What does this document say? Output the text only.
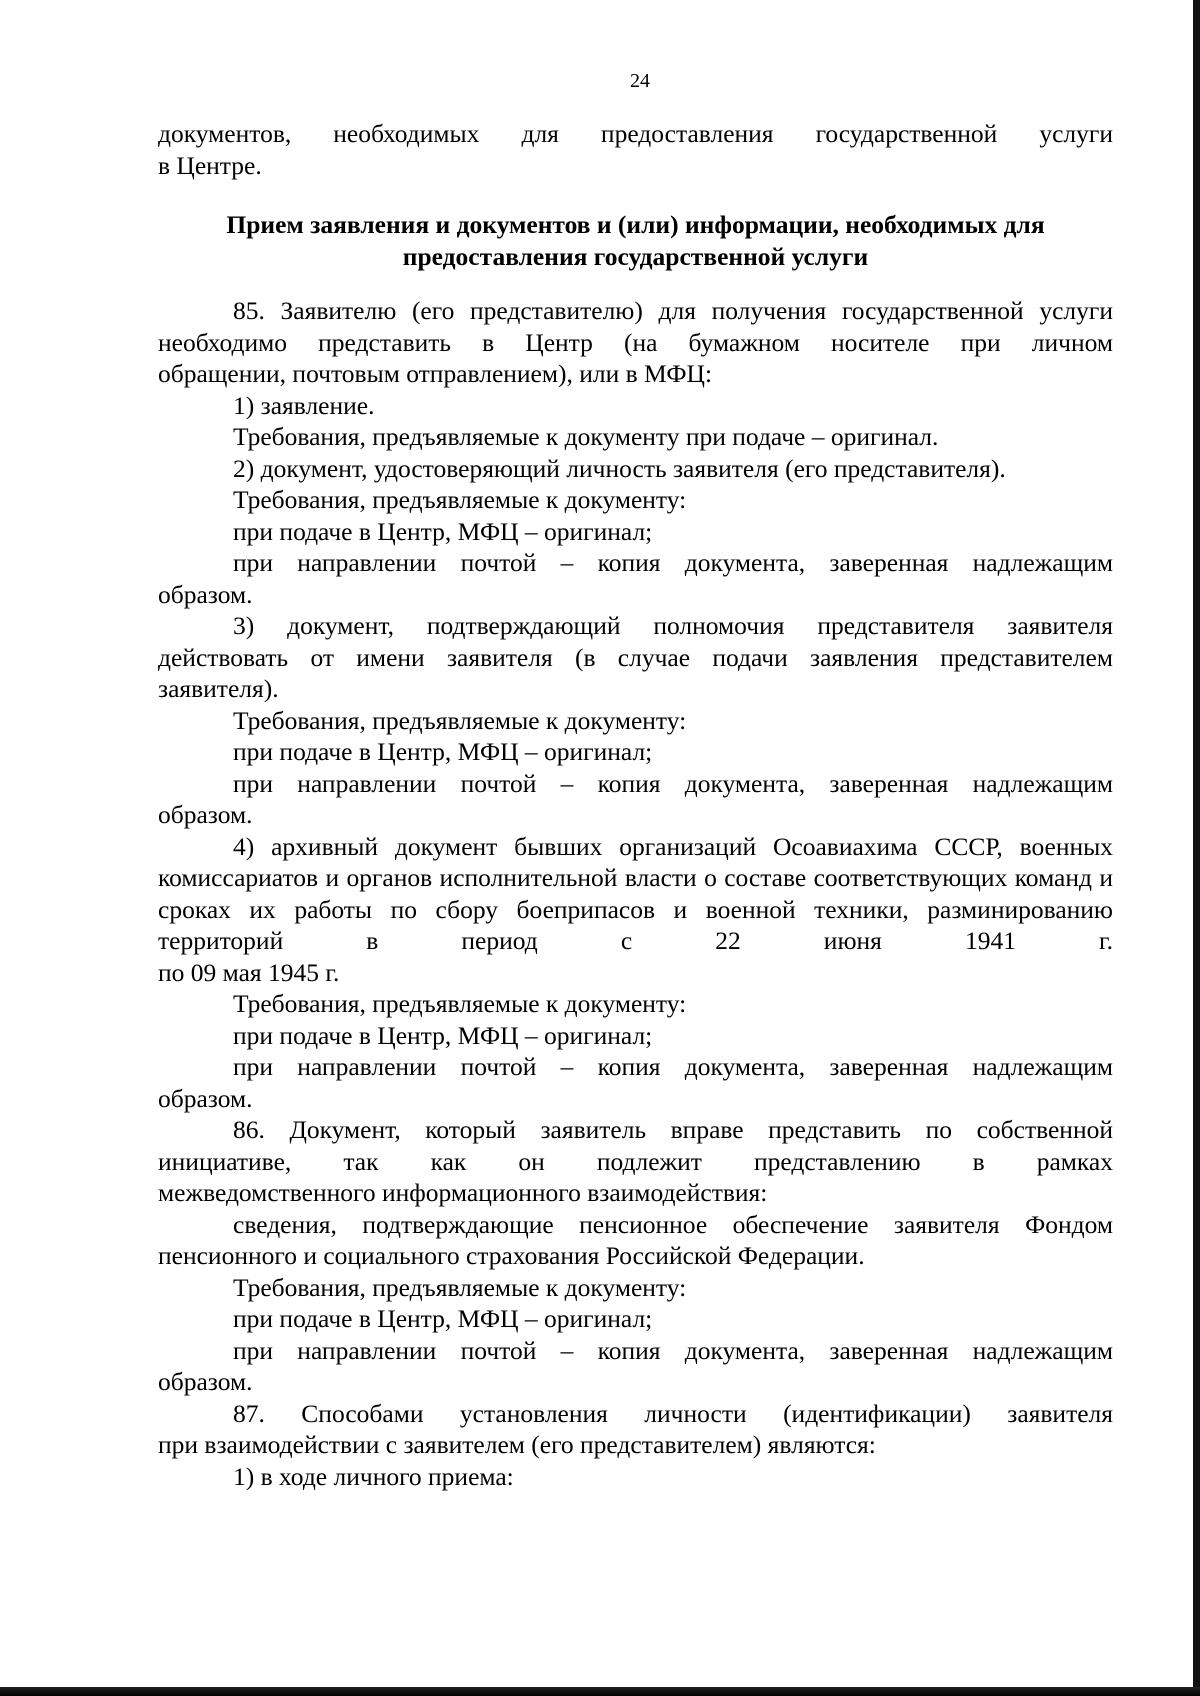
24

документов, необходимых для предоставления государственной услуги

в Центре.

Прием заявления и документов и (или) информации, необходимых для предоставления государственной услуги

85. Заявителю (его представителю) для получения государственной услуги необходимо представить в Центр (на бумажном носителе при личном

обращении, почтовым отправлением), или в МФЦ:

1) заявление.

Требования, предъявляемые к документу при подаче – оригинал.

2) документ, удостоверяющий личность заявителя (его представителя).

Требования, предъявляемые к документу:

при подаче в Центр, МФЦ – оригинал;

при направлении почтой – копия документа, заверенная надлежащим

образом.

3) документ, подтверждающий полномочия представителя заявителя действовать от имени заявителя (в случае подачи заявления представителем

заявителя).

Требования, предъявляемые к документу:

при подаче в Центр, МФЦ – оригинал;

при направлении почтой – копия документа, заверенная надлежащим

образом.

4) архивный документ бывших организаций Осоавиахима СССР, военных комиссариатов и органов исполнительной власти о составе соответствующих команд и сроках их работы по сбору боеприпасов и военной техники, разминированию территорий в период с 22 июня 1941 г.

по 09 мая 1945 г.

Требования, предъявляемые к документу:

при подаче в Центр, МФЦ – оригинал;

при направлении почтой – копия документа, заверенная надлежащим

образом.

86. Документ, который заявитель вправе представить по собственной инициативе, так как он подлежит представлению в рамках

межведомственного информационного взаимодействия:

сведения, подтверждающие пенсионное обеспечение заявителя Фондом

пенсионного и социального страхования Российской Федерации.

Требования, предъявляемые к документу:

при подаче в Центр, МФЦ – оригинал;

при направлении почтой – копия документа, заверенная надлежащим

образом.

87. Способами установления личности (идентификации) заявителя

при взаимодействии с заявителем (его представителем) являются:

1) в ходе личного приема:
